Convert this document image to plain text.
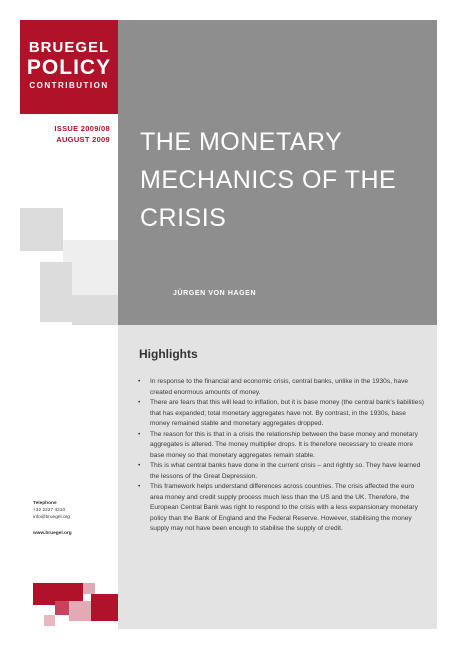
BRUEGEL
POLICY
CONTRIBUTION
ISSUE 2009/08
AUGUST 2009 THE MONETARY
MECHANICS OF THE
CRISIS
JÜRGEN VON HAGEN
Highlights
• In response to the financial and economic crisis, central banks, unlike in the 1930s, have created enormous amounts of money.
• There are fears that this will lead to inflation, but it is base money (the central bank's liabilities) that has expanded; total monetary aggregates have not. By contrast, in the 1930s, base money remained stable and monetary aggregates dropped.
• The reason for this is that in a crisis the relationship between the base money and monetary aggregates is altered. The money multiplier drops. It is therefore necessary to create more base money so that monetary aggregates remain stable.
• This is what central banks have done in the current crisis – and rightly so. They have learned the lessons of the Great Depression.
• This framework helps understand differences across countries. The crisis affected the euro area money and credit supply process much less than the US and the UK. Therefore, the European Central Bank was right to respond to the crisis with a less expansionary monetary policy than the Bank of England and the Federal Reserve. However, stabilising the money supply may not have been enough to stabilise the supply of credit.
Telephone
+32 2227 4210
info@bruegel.org
www.bruegel.org
